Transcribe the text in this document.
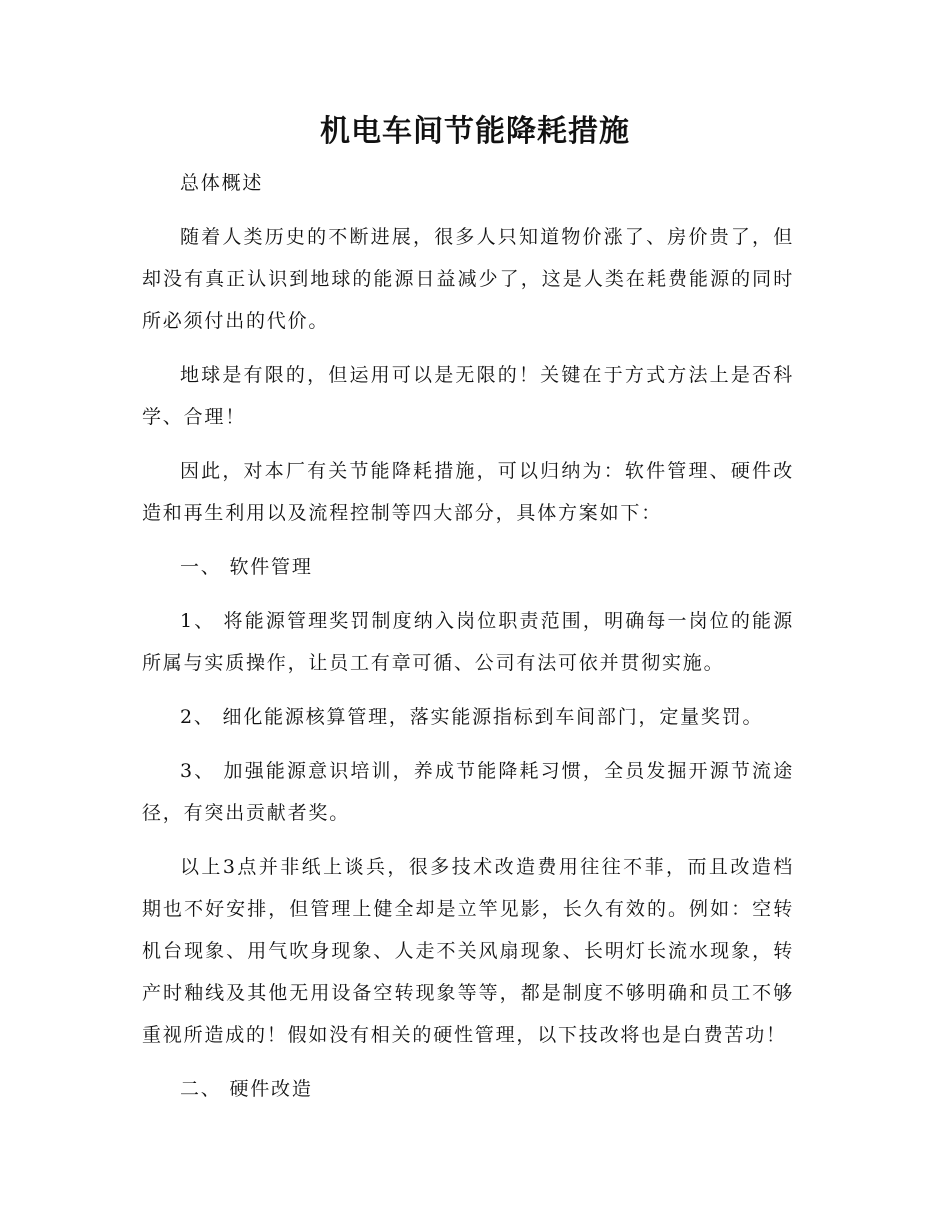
机电车间节能降耗措施

总体概述

随着人类历史的不断进展，很多人只知道物价涨了、房价贵了，但却没有真正认识到地球的能源日益减少了，这是人类在耗费能源的同时所必须付出的代价。

地球是有限的，但运用可以是无限的！关键在于方式方法上是否科学、合理！

因此，对本厂有关节能降耗措施，可以归纳为：软件管理、硬件改造和再生利用以及流程控制等四大部分，具体方案如下：

一、 软件管理

1、 将能源管理奖罚制度纳入岗位职责范围，明确每一岗位的能源所属与实质操作，让员工有章可循、公司有法可依并贯彻实施。

2、 细化能源核算管理，落实能源指标到车间部门，定量奖罚。

3、 加强能源意识培训，养成节能降耗习惯，全员发掘开源节流途径，有突出贡献者奖。

以上3点并非纸上谈兵，很多技术改造费用往往不菲，而且改造档期也不好安排，但管理上健全却是立竿见影，长久有效的。例如：空转机台现象、用气吹身现象、人走不关风扇现象、长明灯长流水现象，转产时釉线及其他无用设备空转现象等等，都是制度不够明确和员工不够重视所造成的！假如没有相关的硬性管理，以下技改将也是白费苦功！

二、 硬件改造
